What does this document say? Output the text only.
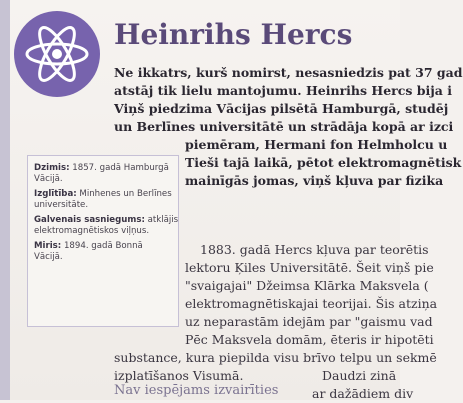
Heinrihs Hercs
Ne ikkatrs, kurš nomirst, nesasniedzis pat 37 gad
atstāj tik lielu mantojumu. Heinrihs Hercs bija i
Viņš piedzima Vācijas pilsētā Hamburgā, studēj
un Berlīnes universitātē un strādāja kopā ar izci
piemēram, Hermani fon Helmholcu u
Tieši tajā laikā, pētot elektromagnētisk
mainīgās jomas, viņš kļuva par fizika
Dzimis: 1857. gadā Hamburgā
Vācijā.
Izglītība: Minhenes un Berlīnes
universitāte.
Galvenais sasniegums: atklājis
elektromagnētiskos viļņus.
Miris: 1894. gadā Bonnā
Vācijā.	1883. gadā Hercs kļuva par teorētis
lektoru Ķiles Universitātē. Šeit viņš pie
"svaigajai" Džeimsa Klārka Maksvela (
elektromagnētiskajai teorijai. Šis atziņa
uz neparastām idejām par "gaismu vad
Pēc Maksvela domām, ēteris ir hipotēti
substance, kura piepilda visu brīvo telpu un sekmē
izplatīšanos Visumā.	Daudzi zinā
ar dažādiem div
Nav iespējams izvairīties
